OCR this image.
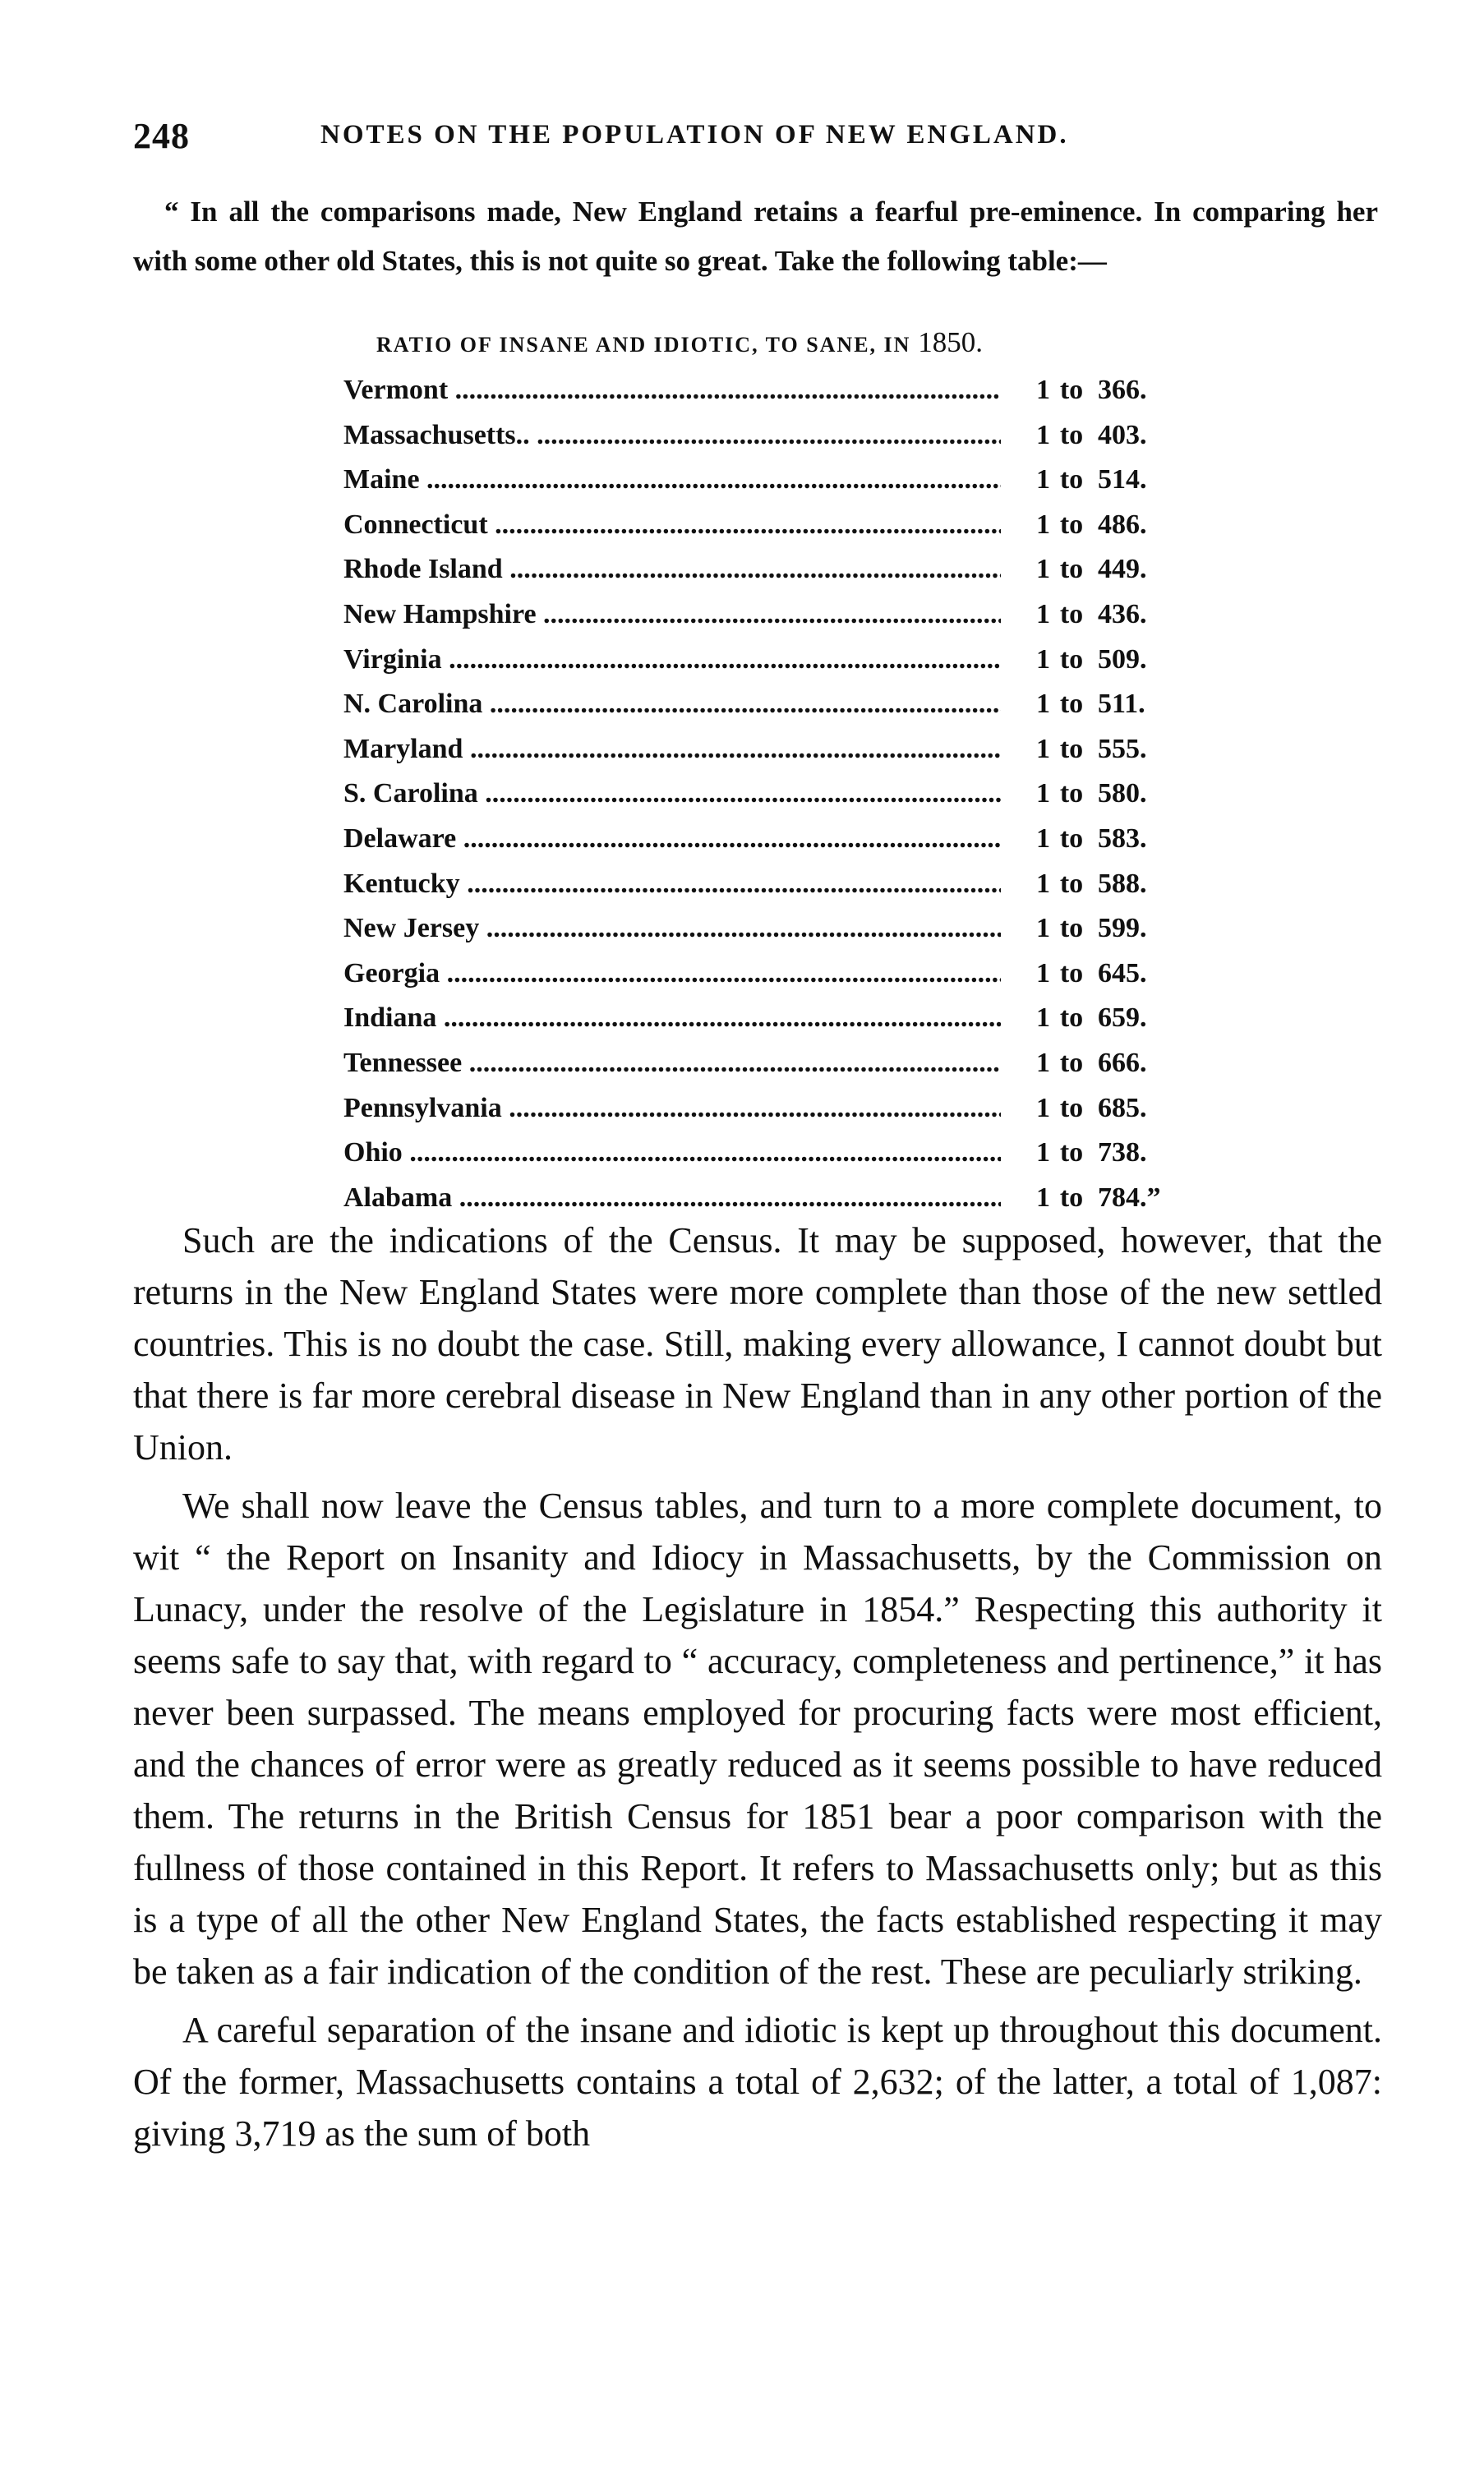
248	NOTES ON THE POPULATION OF NEW ENGLAND.
“ In all the comparisons made, New England retains a fearful pre-eminence. In comparing her with some other old States, this is not quite so great. Take the following table:—
RATIO OF INSANE AND IDIOTIC, TO SANE, IN 1850.
Vermont .....	1 to 366.
Massachusetts.. .....	1 to 403.
Maine .....	1 to 514.
Connecticut .....	1 to 486.
Rhode Island .....	1 to 449.
New Hampshire .....	1 to 436.
Virginia .....	1 to 509.
N. Carolina .....	1 to 511.
Maryland .....	1 to 555.
S. Carolina .....	1 to 580.
Delaware .....	1 to 583.
Kentucky .....	1 to 588.
New Jersey .....	1 to 599.
Georgia .....	1 to 645.
Indiana .....	1 to 659.
Tennessee .....	1 to 666.
Pennsylvania .....	1 to 685.
Ohio .....	1 to 738.
Alabama .....	1 to 784.”

Such are the indications of the Census. It may be supposed, however, that the returns in the New England States were more complete than those of the new settled countries. This is no doubt the case. Still, making every allowance, I cannot doubt but that there is far more cerebral disease in New England than in any other portion of the Union.

We shall now leave the Census tables, and turn to a more complete document, to wit “ the Report on Insanity and Idiocy in Massachusetts, by the Commission on Lunacy, under the resolve of the Legislature in 1854.” Respecting this authority it seems safe to say that, with regard to “ accuracy, completeness and pertinence,” it has never been surpassed. The means employed for procuring facts were most efficient, and the chances of error were as greatly reduced as it seems possible to have reduced them. The returns in the British Census for 1851 bear a poor comparison with the fullness of those contained in this Report. It refers to Massachusetts only; but as this is a type of all the other New England States, the facts established respecting it may be taken as a fair indication of the condition of the rest. These are peculiarly striking.

A careful separation of the insane and idiotic is kept up throughout this document. Of the former, Massachusetts contains a total of 2,632; of the latter, a total of 1,087: giving 3,719 as the sum of both
